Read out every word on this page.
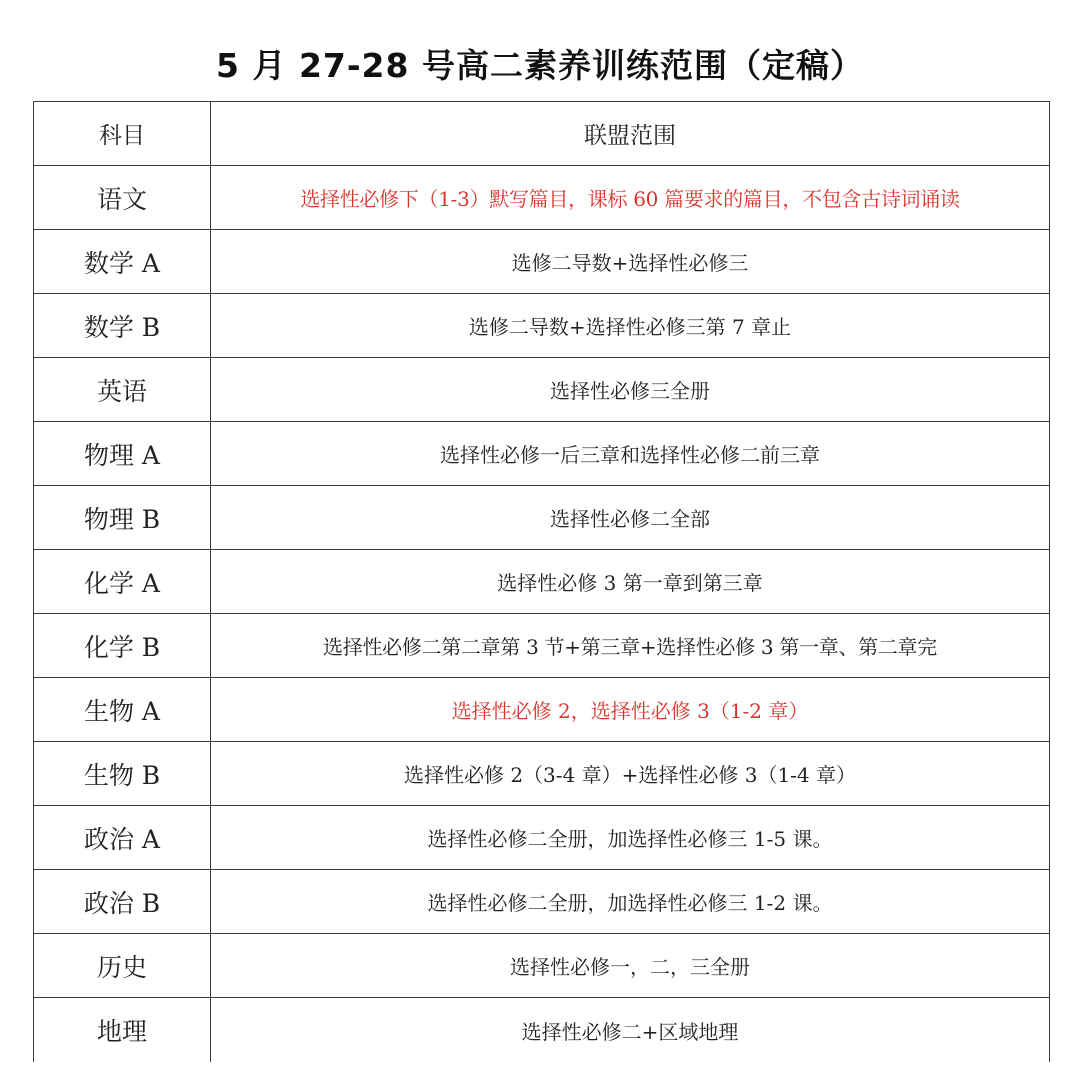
5 月 27-28 号高二素养训练范围（定稿）
科目	联盟范围
语文	选择性必修下（1-3）默写篇目，课标 60 篇要求的篇目，不包含古诗词诵读
数学 A	选修二导数+选择性必修三
数学 B	选修二导数+选择性必修三第 7 章止
英语	选择性必修三全册
物理 A	选择性必修一后三章和选择性必修二前三章
物理 B	选择性必修二全部
化学 A	选择性必修 3 第一章到第三章
化学 B	选择性必修二第二章第 3 节+第三章+选择性必修 3 第一章、第二章完
生物 A	选择性必修 2，选择性必修 3（1-2 章）
生物 B	选择性必修 2（3-4 章）+选择性必修 3（1-4 章）
政治 A	选择性必修二全册，加选择性必修三 1-5 课。
政治 B	选择性必修二全册，加选择性必修三 1-2 课。
历史	选择性必修一，二，三全册
地理	选择性必修二+区域地理
